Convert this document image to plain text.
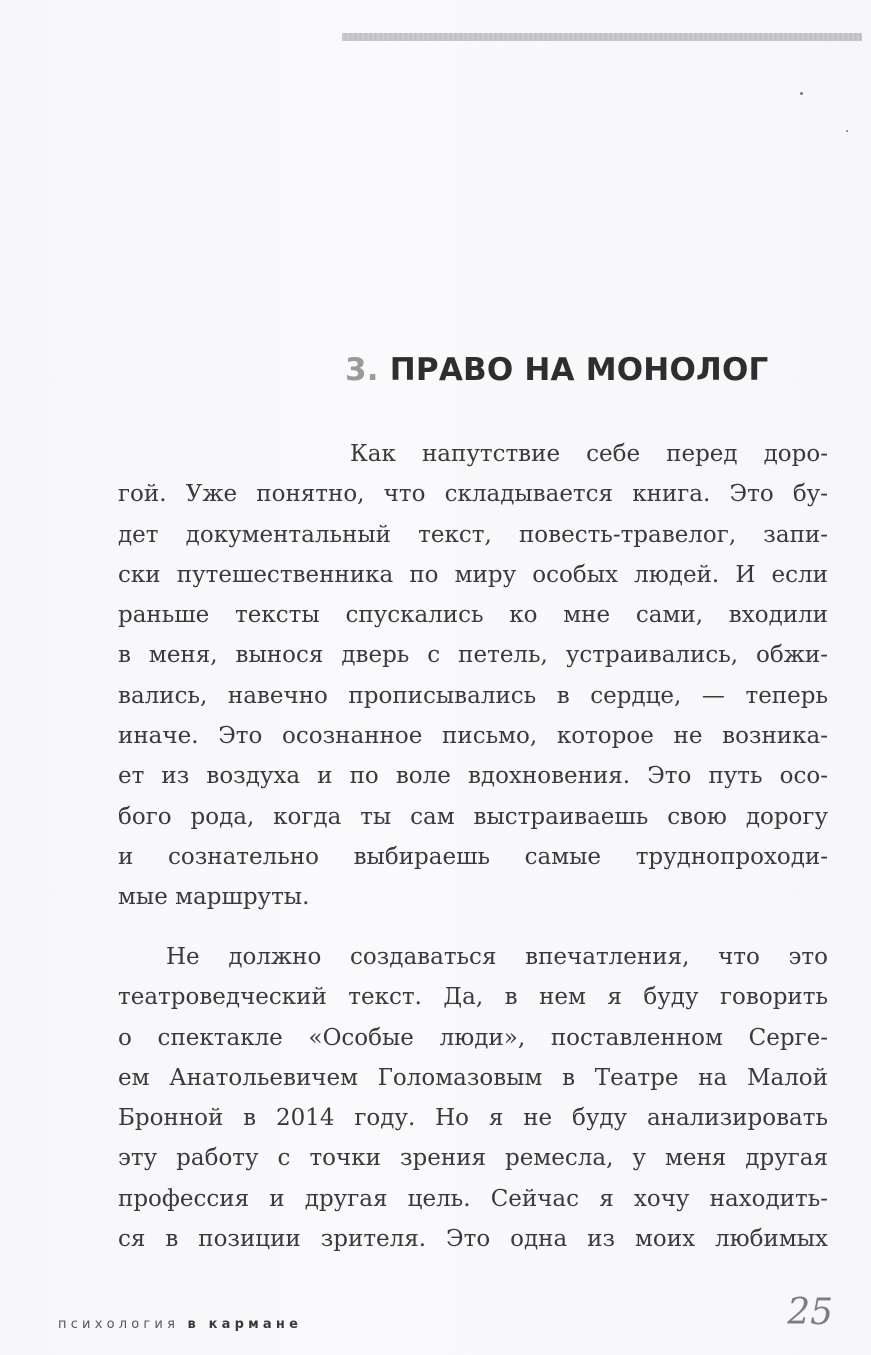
3. ПРАВО НА МОНОЛОГ
Как напутствие себе перед доро-
гой. Уже понятно, что складывается книга. Это бу-
дет документальный текст, повесть-травелог, запи-
ски путешественника по миру особых людей. И если
раньше тексты спускались ко мне сами, входили
в меня, вынося дверь с петель, устраивались, обжи-
вались, навечно прописывались в сердце, — теперь
иначе. Это осознанное письмо, которое не возника-
ет из воздуха и по воле вдохновения. Это путь осо-
бого рода, когда ты сам выстраиваешь свою дорогу
и сознательно выбираешь самые труднопроходи-
мые маршруты.
Не должно создаваться впечатления, что это
театроведческий текст. Да, в нем я буду говорить
о спектакле «Особые люди», поставленном Серге-
ем Анатольевичем Голомазовым в Театре на Малой
Бронной в 2014 году. Но я не буду анализировать
эту работу с точки зрения ремесла, у меня другая
профессия и другая цель. Сейчас я хочу находить-
ся в позиции зрителя. Это одна из моих любимых
психология в кармане	25
